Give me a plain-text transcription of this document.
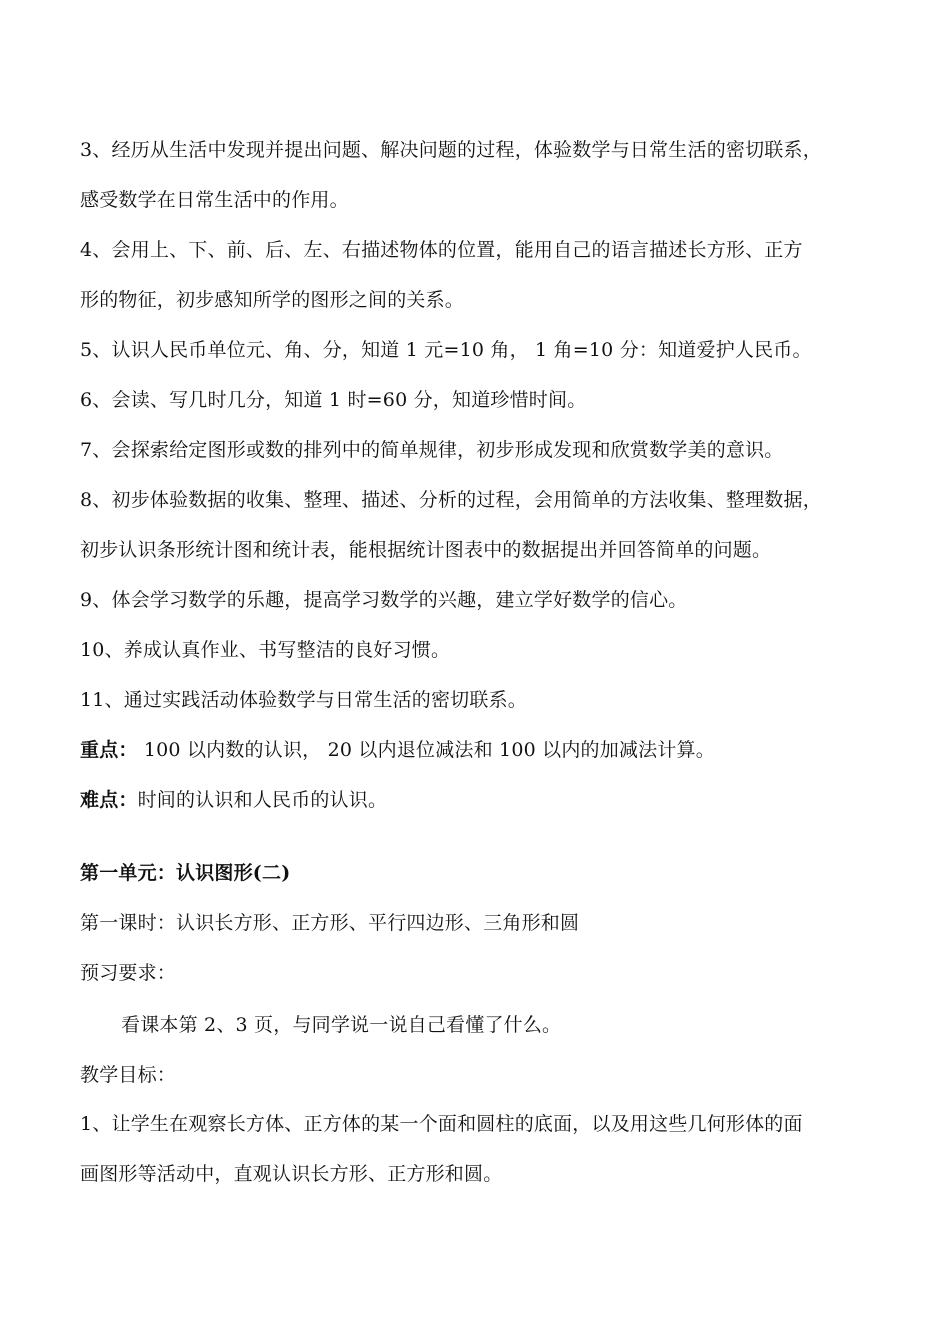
3、经历从生活中发现并提出问题、解决问题的过程，体验数学与日常生活的密切联系，
感受数学在日常生活中的作用。
4、会用上、下、前、后、左、右描述物体的位置，能用自己的语言描述长方形、正方
形的物征，初步感知所学的图形之间的关系。
5、认识人民币单位元、角、分，知道 1 元=10 角， 1 角=10 分：知道爱护人民币。
6、会读、写几时几分，知道 1 时=60 分，知道珍惜时间。
7、会探索给定图形或数的排列中的简单规律，初步形成发现和欣赏数学美的意识。
8、初步体验数据的收集、整理、描述、分析的过程，会用简单的方法收集、整理数据，
初步认识条形统计图和统计表，能根据统计图表中的数据提出并回答简单的问题。
9、体会学习数学的乐趣，提高学习数学的兴趣，建立学好数学的信心。
10、养成认真作业、书写整洁的良好习惯。
11、通过实践活动体验数学与日常生活的密切联系。
重点： 100 以内数的认识， 20 以内退位减法和 100 以内的加减法计算。
难点：时间的认识和人民币的认识。
第一单元：认识图形(二)
第一课时：认识长方形、正方形、平行四边形、三角形和圆
预习要求：
看课本第 2、3 页，与同学说一说自己看懂了什么。
教学目标：
1、让学生在观察长方体、正方体的某一个面和圆柱的底面，以及用这些几何形体的面
画图形等活动中，直观认识长方形、正方形和圆。
